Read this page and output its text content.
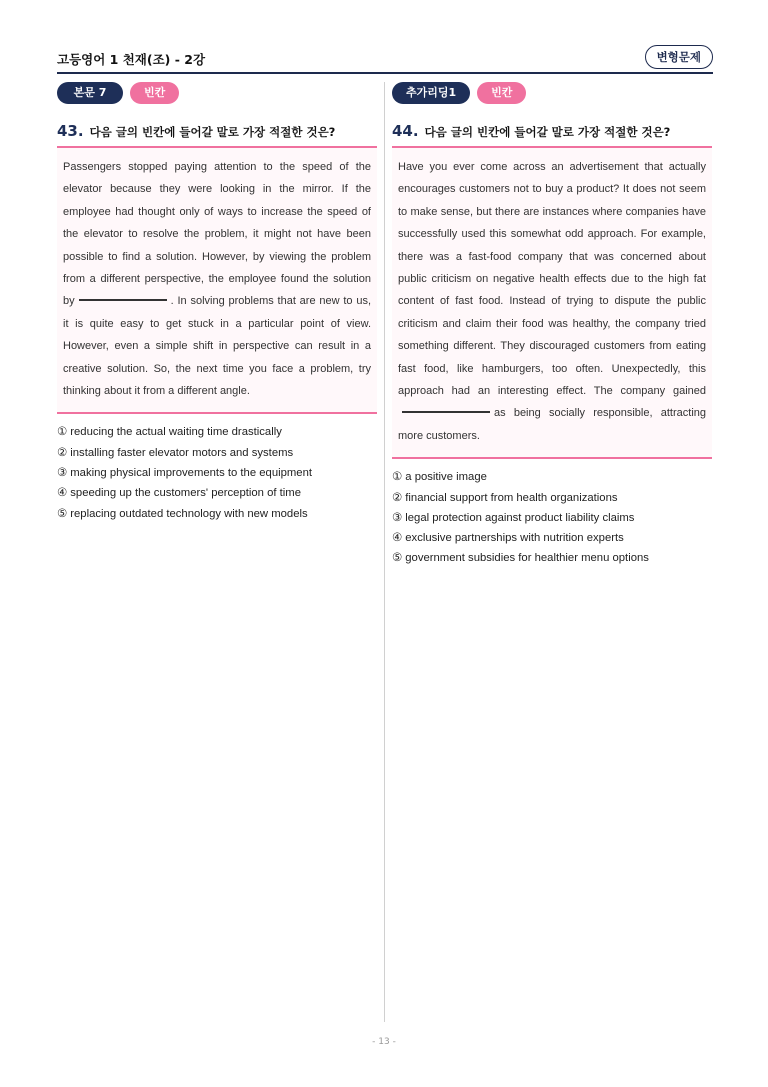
고등영어 1 천재(조) - 2강	변형문제
본문 7	빈칸
43. 다음 글의 빈칸에 들어갈 말로 가장 적절한 것은?
Passengers stopped paying attention to the speed of the elevator because they were looking in the mirror. If the employee had thought only of ways to increase the speed of the elevator to resolve the problem, it might not have been possible to find a solution. However, by viewing the problem from a different perspective, the employee found the solution by	. In solving problems that are new to us, it is quite easy to get stuck in a particular point of view. However, even a simple shift in perspective can result in a creative solution. So, the next time you face a problem, try thinking about it from a different angle.
① reducing the actual waiting time drastically
② installing faster elevator motors and systems
③ making physical improvements to the equipment
④ speeding up the customers' perception of time
⑤ replacing outdated technology with new models
추가리딩1	빈칸
44. 다음 글의 빈칸에 들어갈 말로 가장 적절한 것은?
Have you ever come across an advertisement that actually encourages customers not to buy a product? It does not seem to make sense, but there are instances where companies have successfully used this somewhat odd approach. For example, there was a fast-food company that was concerned about public criticism on negative health effects due to the high fat content of fast food. Instead of trying to dispute the public criticism and claim their food was healthy, the company tried something different. They discouraged customers from eating fast food, like hamburgers, too often. Unexpectedly, this approach had an interesting effect. The company gainedas being socially responsible, attracting more customers.
① a positive image
② financial support from health organizations
③ legal protection against product liability claims
④ exclusive partnerships with nutrition experts
⑤ government subsidies for healthier menu options
- 13 -
